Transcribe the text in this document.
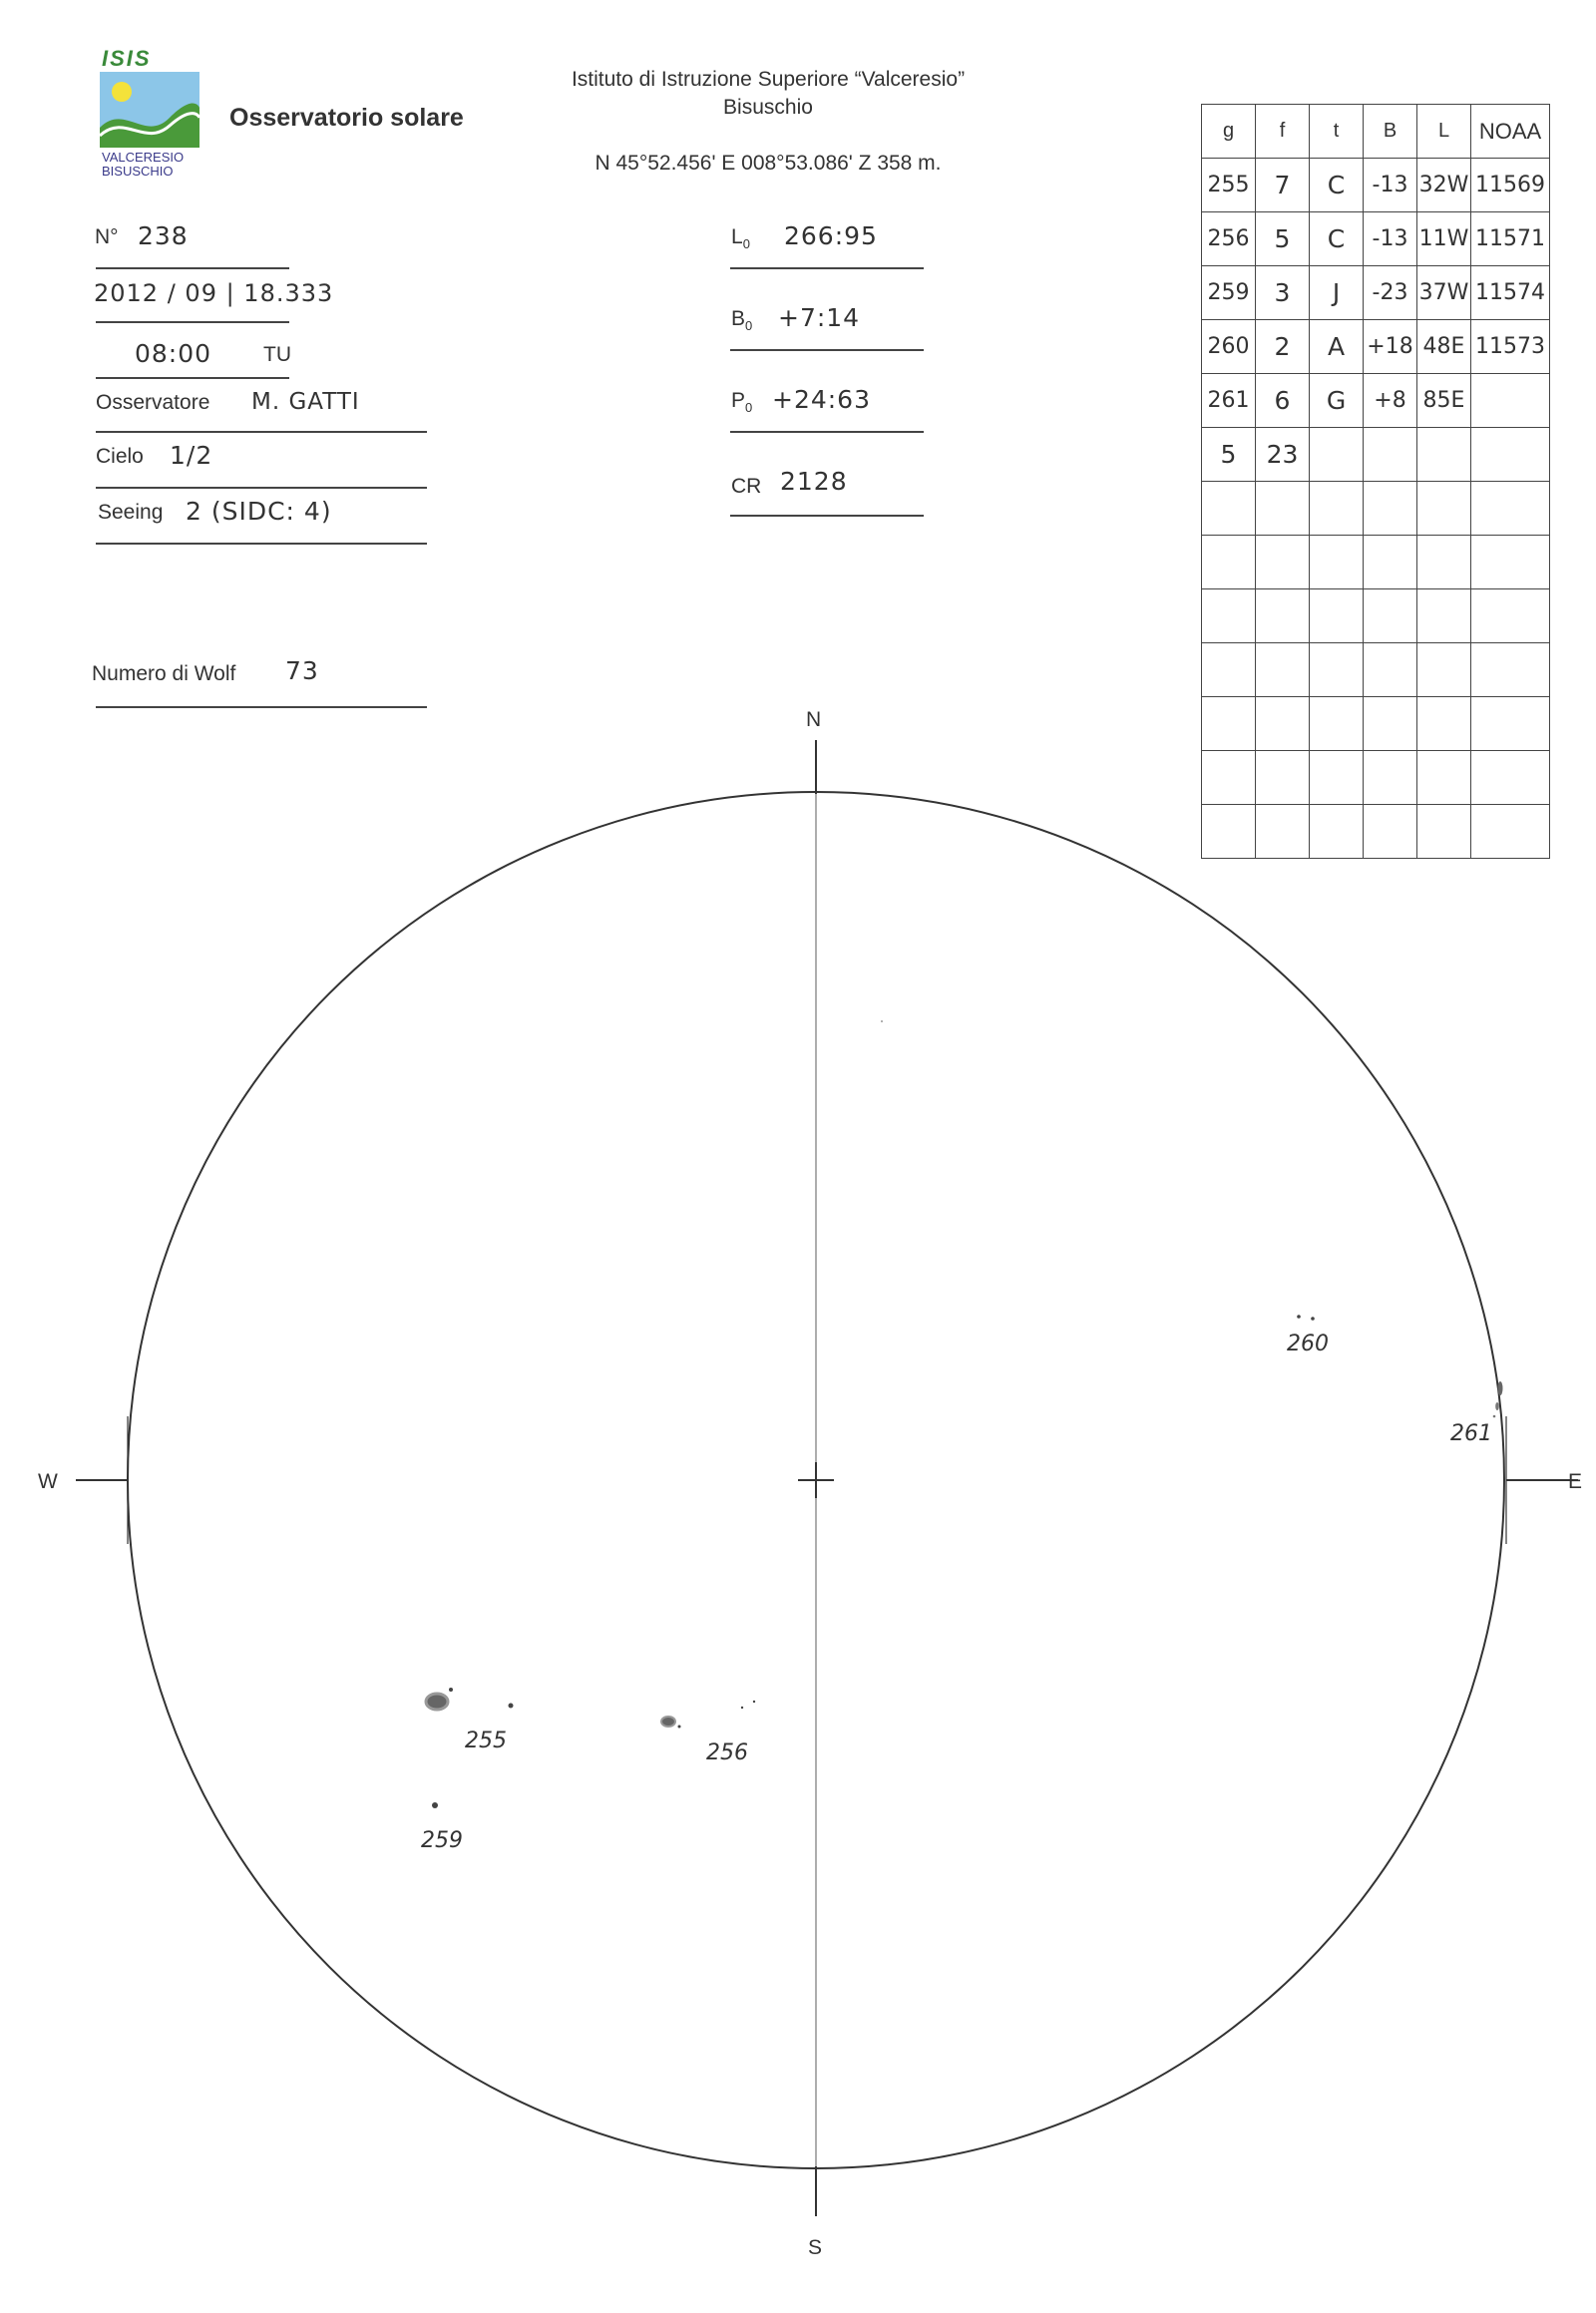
ISIS
VALCERESIO
BISUSCHIO
Osservatorio solare
Istituto di Istruzione Superiore “Valceresio”
Bisuschio
N 45°52.456' E 008°53.086' Z 358 m.
N° 238
2012 / 09 | 18.333
08:00 TU
Osservatore M. GATTI
Cielo 1/2
Seeing 2 (SIDC: 4)
Numero di Wolf 73
$L_0$ 266:95
$B_0$ +7:14
$P_0$ +24:63
CR 2128
g	f	t	B	L	NOAA
255	7	C	-13	32W	11569
256	5	C	-13	11W	11571
259	3	J	-23	37W	11574
260	2	A	+18	48E	11573
261	6	G	+8	85E	
5	23				

N
S
W	E
255	256
259
260
261
